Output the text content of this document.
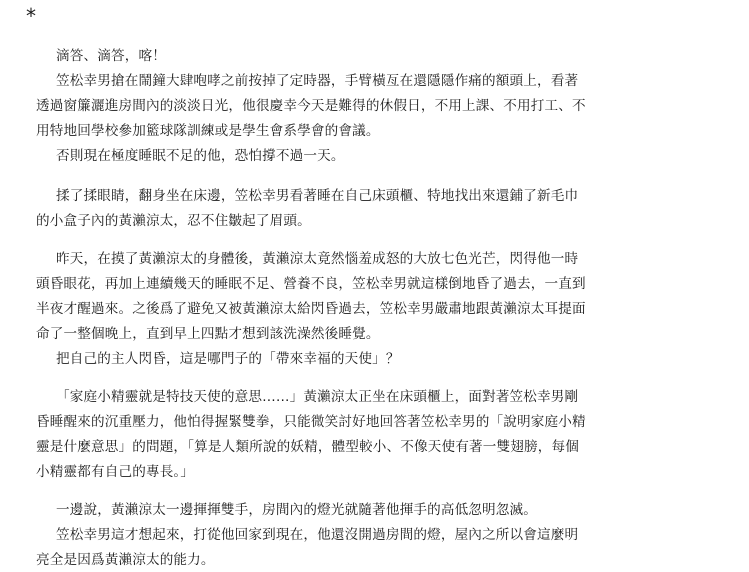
*
滴答、滴答，喀！
笠松幸男搶在鬧鐘大肆咆哮之前按掉了定時器，手臂橫亙在還隱隱作痛的額頭上，看著
透過窗簾灑進房間內的淡淡日光，他很慶幸今天是難得的休假日，不用上課、不用打工、不
用特地回學校參加籃球隊訓練或是學生會系學會的會議。
否則現在極度睡眠不足的他，恐怕撐不過一天。
揉了揉眼睛，翻身坐在床邊，笠松幸男看著睡在自己床頭櫃、特地找出來還鋪了新毛巾
的小盒子內的黃瀨涼太，忍不住皺起了眉頭。
昨天，在摸了黃瀨涼太的身體後，黃瀨涼太竟然惱羞成怒的大放七色光芒，閃得他一時
頭昏眼花，再加上連續幾天的睡眠不足、營養不良，笠松幸男就這樣倒地昏了過去，一直到
半夜才醒過來。之後爲了避免又被黃瀨涼太給閃昏過去，笠松幸男嚴肅地跟黃瀨涼太耳提面
命了一整個晚上，直到早上四點才想到該洗澡然後睡覺。
把自己的主人閃昏，這是哪門子的「帶來幸福的天使」？
「家庭小精靈就是特技天使的意思……」黃瀨涼太正坐在床頭櫃上，面對著笠松幸男剛
昏睡醒來的沉重壓力，他怕得握緊雙拳，只能微笑討好地回答著笠松幸男的「說明家庭小精
靈是什麼意思」的問題，「算是人類所說的妖精，體型較小、不像天使有著一雙翅膀，每個
小精靈都有自己的專長。」
一邊說，黃瀨涼太一邊揮揮雙手，房間內的燈光就隨著他揮手的高低忽明忽滅。
笠松幸男這才想起來，打從他回家到現在，他還沒開過房間的燈，屋內之所以會這麼明
亮全是因爲黃瀨涼太的能力。
